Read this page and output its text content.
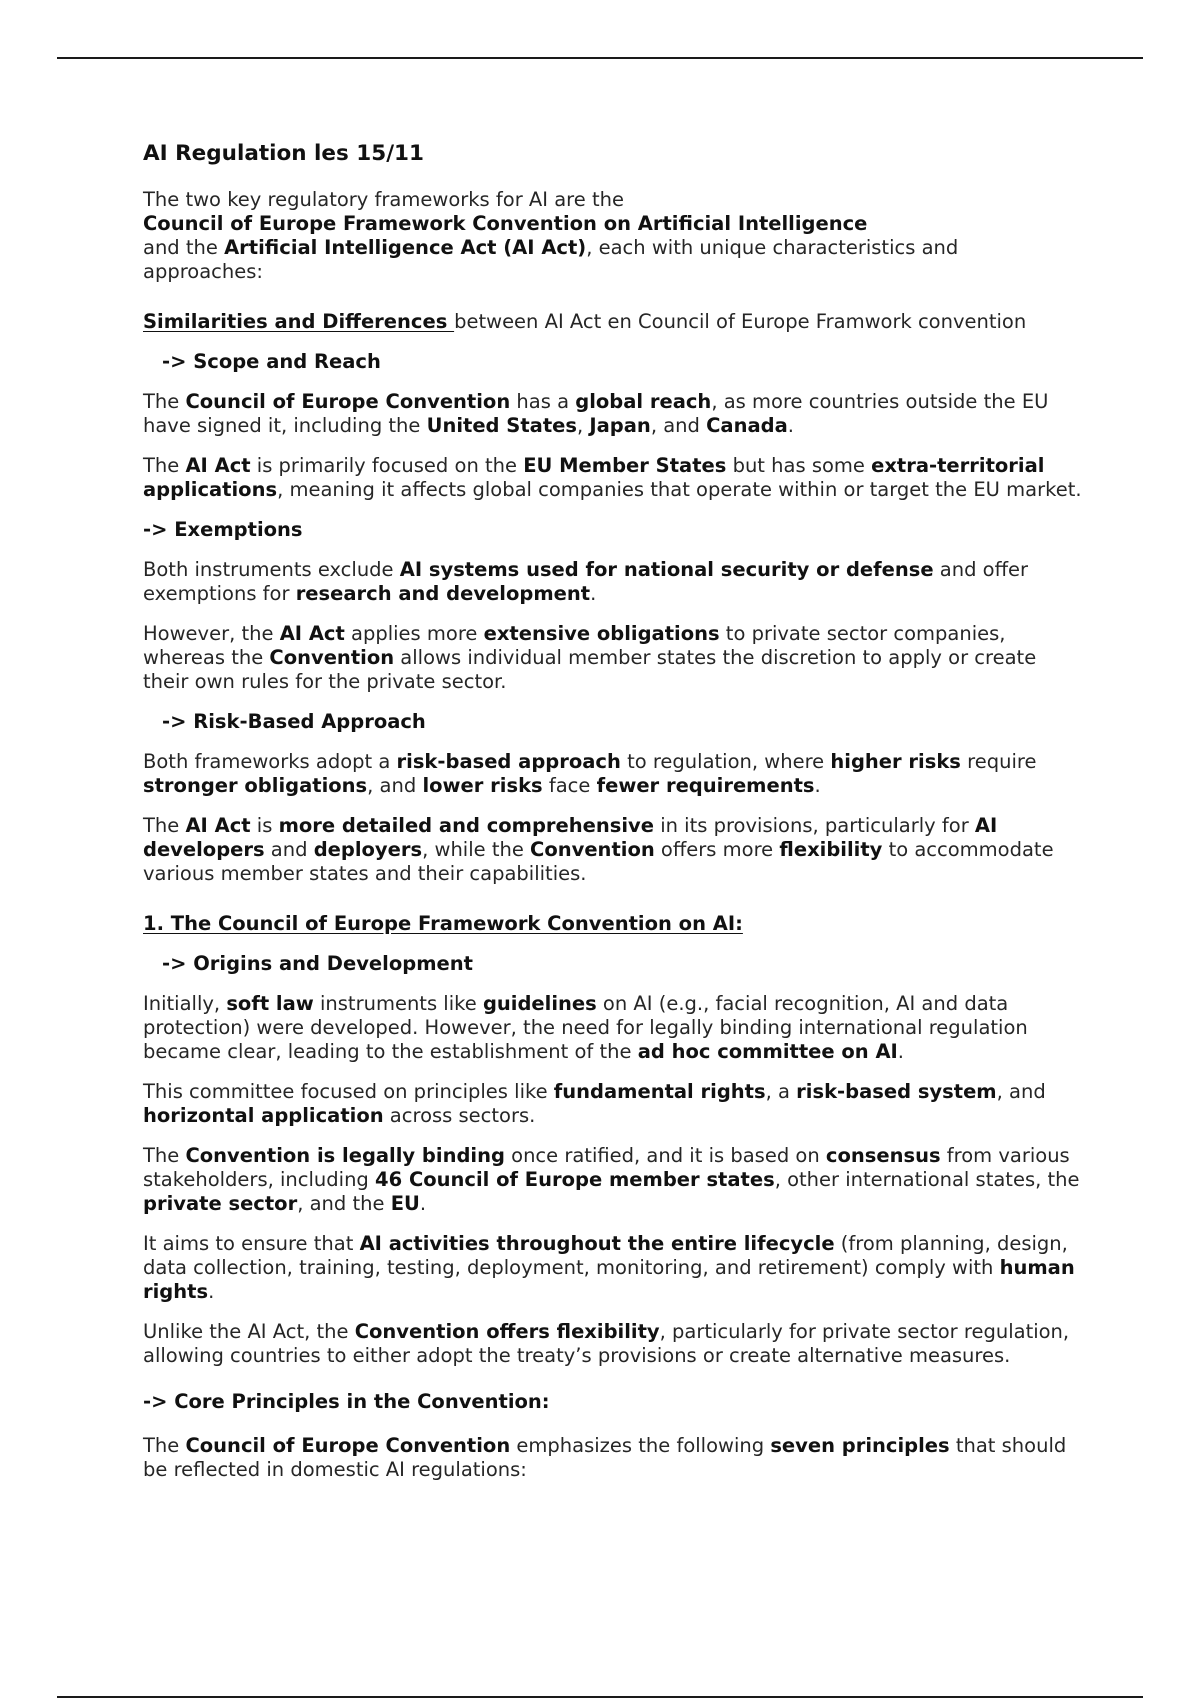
AI Regulation les 15/11

The two key regulatory frameworks for AI are the
Council of Europe Framework Convention on Artificial Intelligence
and the Artificial Intelligence Act (AI Act), each with unique characteristics and approaches:

Similarities and Differences between AI Act en Council of Europe Framwork convention

-> Scope and Reach

The Council of Europe Convention has a global reach, as more countries outside the EU have signed it, including the United States, Japan, and Canada.

The AI Act is primarily focused on the EU Member States but has some extra-territorial applications, meaning it affects global companies that operate within or target the EU market.

-> Exemptions

Both instruments exclude AI systems used for national security or defense and offer exemptions for research and development.

However, the AI Act applies more extensive obligations to private sector companies, whereas the Convention allows individual member states the discretion to apply or create their own rules for the private sector.

-> Risk-Based Approach

Both frameworks adopt a risk-based approach to regulation, where higher risks require stronger obligations, and lower risks face fewer requirements.

The AI Act is more detailed and comprehensive in its provisions, particularly for AI developers and deployers, while the Convention offers more flexibility to accommodate various member states and their capabilities.

1. The Council of Europe Framework Convention on AI:
-> Origins and Development

Initially, soft law instruments like guidelines on AI (e.g., facial recognition, AI and data protection) were developed. However, the need for legally binding international regulation became clear, leading to the establishment of the ad hoc committee on AI.

This committee focused on principles like fundamental rights, a risk-based system, and horizontal application across sectors.

The Convention is legally binding once ratified, and it is based on consensus from various stakeholders, including 46 Council of Europe member states, other international states, the private sector, and the EU.

It aims to ensure that AI activities throughout the entire lifecycle (from planning, design, data collection, training, testing, deployment, monitoring, and retirement) comply with human rights.

Unlike the AI Act, the Convention offers flexibility, particularly for private sector regulation, allowing countries to either adopt the treaty’s provisions or create alternative measures.

-> Core Principles in the Convention:

The Council of Europe Convention emphasizes the following seven principles that should be reflected in domestic AI regulations:
